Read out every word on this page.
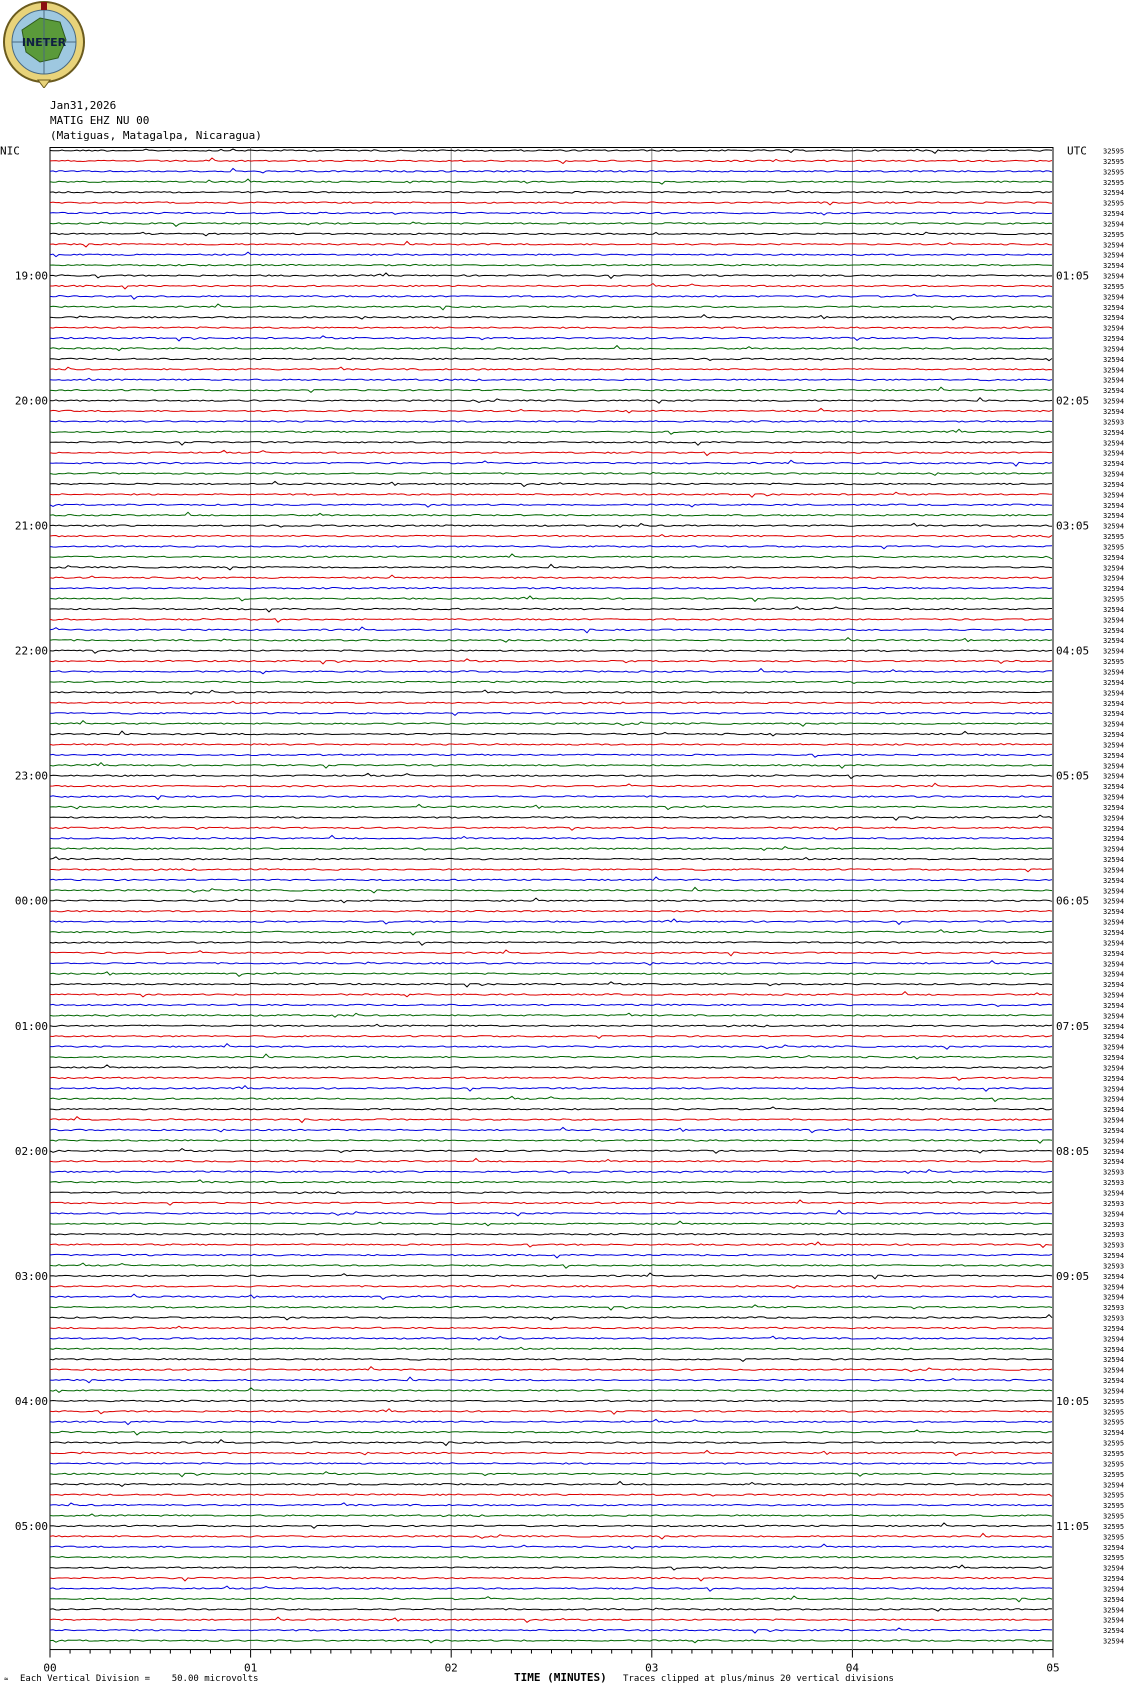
INETER
Jan31,2026
MATIG EHZ NU 00
(Matiguas, Matagalpa, Nicaragua)
32595
32595
32595
32595
32594
32595
32594
32594
32595
32594
32594
32594
32594
32595
32594
32594
32594
32594
32594
32594
32594
32594
32594
32594
32594
32594
32593
32594
32594
32594
32594
32594
32594
32594
32594
32594
32594
32595
32595
32594
32594
32594
32594
32595
32594
32594
32594
32594
32594
32595
32594
32594
32594
32594
32594
32594
32594
32594
32594
32594
32594
32594
32594
32594
32594
32594
32594
32594
32594
32594
32594
32594
32594
32594
32594
32594
32594
32594
32594
32594
32594
32594
32594
32594
32594
32594
32594
32594
32594
32594
32594
32594
32594
32594
32594
32594
32594
32594
32593
32593
32594
32593
32594
32593
32593
32593
32594
32593
32594
32594
32594
32593
32593
32594
32594
32594
32594
32594
32594
32594
32595
32595
32595
32594
32595
32595
32595
32595
32594
32595
32595
32595
32595
32595
32594
32595
32594
32594
32594
32594
32594
32594
32594
32594
NIC	UTC
19:00
20:00
21:00
22:00
23:00
00:00
01:00
02:00
03:00
04:00
05:00
01:05
02:05
03:05
04:05
05:05
06:05
07:05
08:05
09:05
10:05
11:05
00	01	02	03	04	05
≈ Each Vertical Division =    50.00 microvolts	TIME (MINUTES) Traces clipped at plus/minus 20 vertical divisions
